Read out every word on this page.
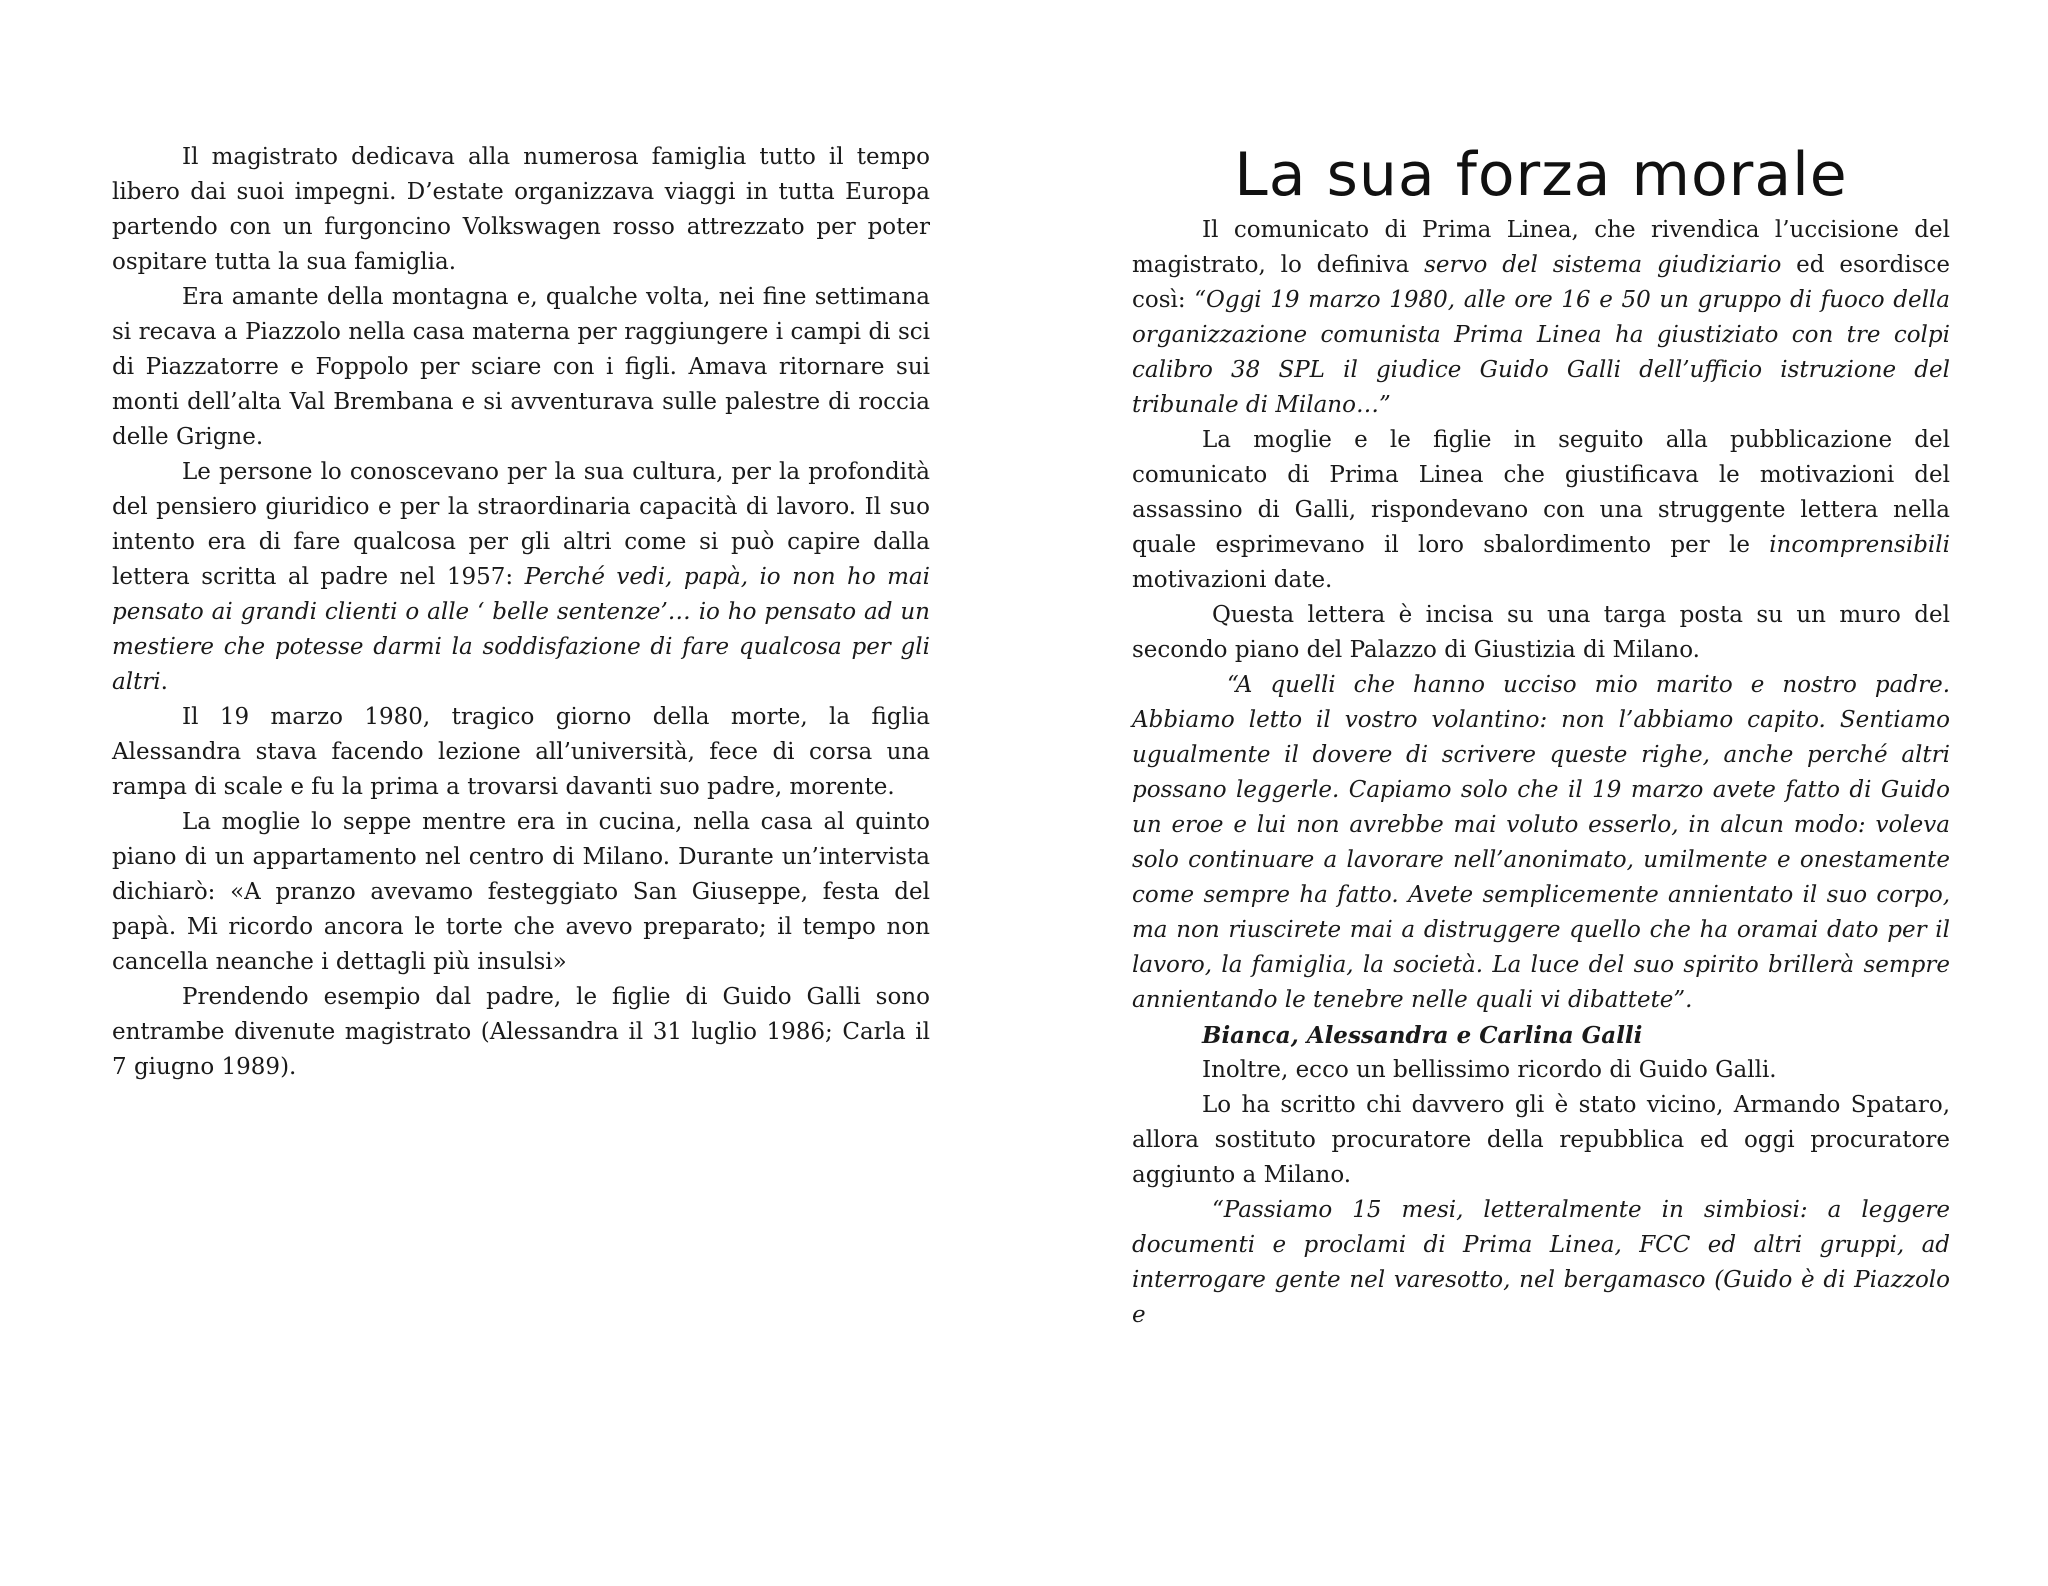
Il magistrato dedicava alla numerosa famiglia tutto il tempo libero dai suoi impegni. D’estate organizzava viaggi in tutta Europa partendo con un furgoncino Volkswagen rosso attrezzato per poter ospitare tutta la sua famiglia.

Era amante della montagna e, qualche volta, nei fine settimana si recava a Piazzolo nella casa materna per raggiungere i campi di sci di Piazzatorre e Foppolo per sciare con i figli. Amava ritornare sui monti dell’alta Val Brembana e si avventurava sulle palestre di roccia delle Grigne.

Le persone lo conoscevano per la sua cultura, per la profondità del pensiero giuridico e per la straordinaria capacità di lavoro. Il suo intento era di fare qualcosa per gli altri come si può capire dalla lettera scritta al padre nel 1957: Perché vedi, papà, io non ho mai pensato ai grandi clienti o alle ‘ belle sentenze’… io ho pensato ad un mestiere che potesse darmi la soddisfazione di fare qualcosa per gli altri.

Il 19 marzo 1980, tragico giorno della morte, la figlia Alessandra stava facendo lezione all’università, fece di corsa una rampa di scale e fu la prima a trovarsi davanti suo padre, morente.

La moglie lo seppe mentre era in cucina, nella casa al quinto piano di un appartamento nel centro di Milano. Durante un’intervista dichiarò: «A pranzo avevamo festeggiato San Giuseppe, festa del papà. Mi ricordo ancora le torte che avevo preparato; il tempo non cancella neanche i dettagli più insulsi»

Prendendo esempio dal padre, le figlie di Guido Galli sono entrambe divenute magistrato (Alessandra il 31 luglio 1986; Carla il 7 giugno 1989).

La sua forza morale

Il comunicato di Prima Linea, che rivendica l’uccisione del magistrato, lo definiva servo del sistema giudiziario ed esordisce così: “Oggi 19 marzo 1980, alle ore 16 e 50 un gruppo di fuoco della organizzazione comunista Prima Linea ha giustiziato con tre colpi calibro 38 SPL il giudice Guido Galli dell’ufficio istruzione del tribunale di Milano…”

La moglie e le figlie in seguito alla pubblicazione del comunicato di Prima Linea che giustificava le motivazioni del assassino di Galli, rispondevano con una struggente lettera nella quale esprimevano il loro sbalordimento per le incomprensibili motivazioni date.

Questa lettera è incisa su una targa posta su un muro del secondo piano del Palazzo di Giustizia di Milano.

“A quelli che hanno ucciso mio marito e nostro padre. Abbiamo letto il vostro volantino: non l’abbiamo capito. Sentiamo ugualmente il dovere di scrivere queste righe, anche perché altri possano leggerle. Capiamo solo che il 19 marzo avete fatto di Guido un eroe e lui non avrebbe mai voluto esserlo, in alcun modo: voleva solo continuare a lavorare nell’anonimato, umilmente e onestamente come sempre ha fatto. Avete semplicemente annientato il suo corpo, ma non riuscirete mai a distruggere quello che ha oramai dato per il lavoro, la famiglia, la società. La luce del suo spirito brillerà sempre annientando le tenebre nelle quali vi dibattete”.

Bianca, Alessandra e Carlina Galli

Inoltre, ecco un bellissimo ricordo di Guido Galli.

Lo ha scritto chi davvero gli è stato vicino, Armando Spataro, allora sostituto procuratore della repubblica ed oggi procuratore aggiunto a Milano.

“Passiamo 15 mesi, letteralmente in simbiosi: a leggere documenti e proclami di Prima Linea, FCC ed altri gruppi, ad interrogare gente nel varesotto, nel bergamasco (Guido è di Piazzolo e
